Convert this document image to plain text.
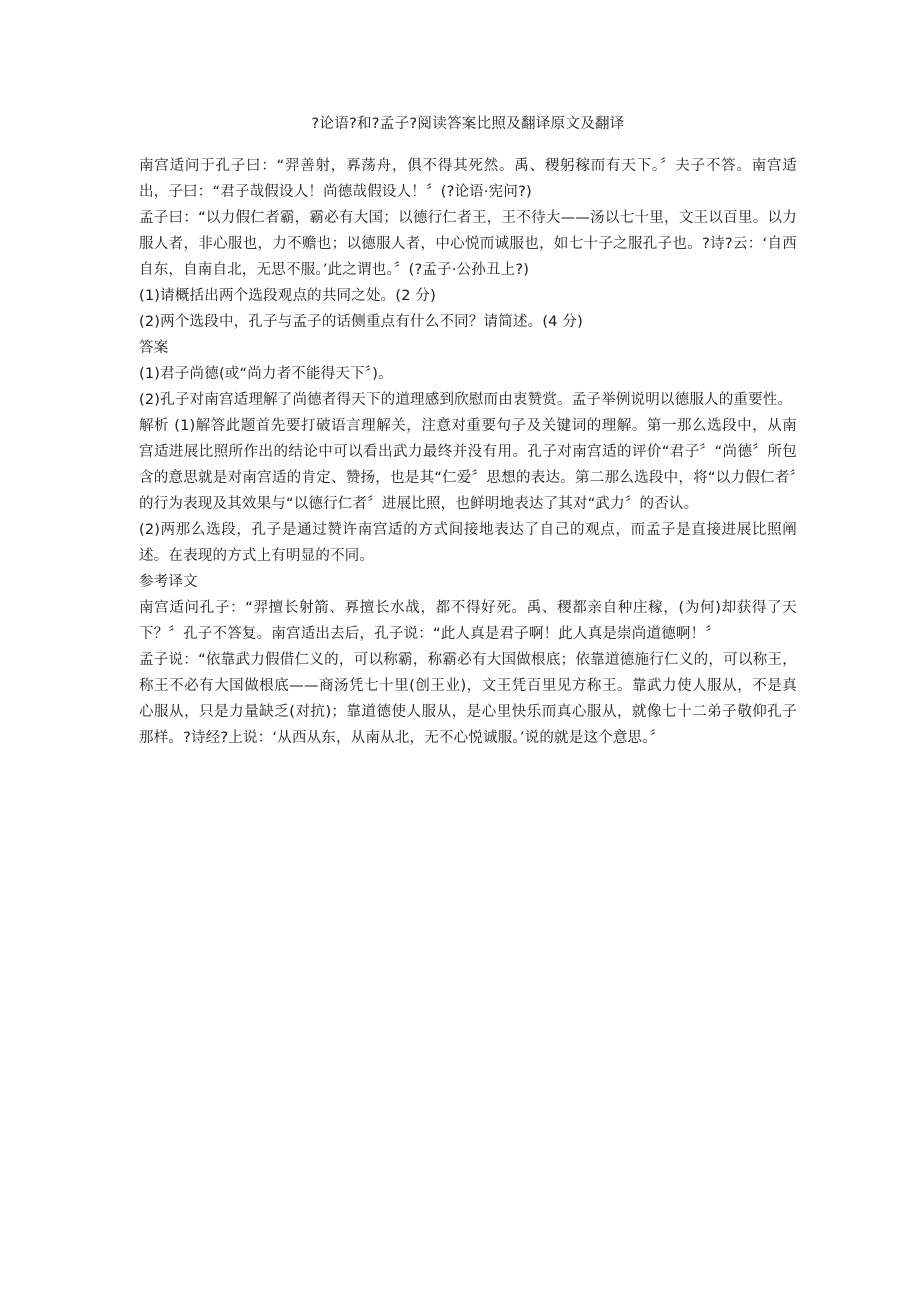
?论语?和?孟子?阅读答案比照及翻译原文及翻译
南宫适问于孔子曰：“羿善射，奡荡舟，俱不得其死然。禹、稷躬稼而有天下。〞夫子不答。南宫适出，子曰：“君子哉假设人！尚德哉假设人！〞(?论语·宪问?)
孟子曰：“以力假仁者霸，霸必有大国；以德行仁者王，王不待大——汤以七十里，文王以百里。以力服人者，非心服也，力不赡也；以德服人者，中心悦而诚服也，如七十子之服孔子也。?诗?云：‘自西自东，自南自北，无思不服。’此之谓也。〞(?孟子·公孙丑上?)
(1)请概括出两个选段观点的共同之处。(2 分)
(2)两个选段中，孔子与孟子的话侧重点有什么不同？请简述。(4 分)
答案
(1)君子尚德(或“尚力者不能得天下〞)。
(2)孔子对南宫适理解了尚德者得天下的道理感到欣慰而由衷赞赏。孟子举例说明以德服人的重要性。
解析 (1)解答此题首先要打破语言理解关，注意对重要句子及关键词的理解。第一那么选段中，从南宫适进展比照所作出的结论中可以看出武力最终并没有用。孔子对南宫适的评价“君子〞“尚德〞所包含的意思就是对南宫适的肯定、赞扬，也是其“仁爱〞思想的表达。第二那么选段中，将“以力假仁者〞的行为表现及其效果与“以德行仁者〞进展比照，也鲜明地表达了其对“武力〞的否认。
(2)两那么选段，孔子是通过赞许南宫适的方式间接地表达了自己的观点，而孟子是直接进展比照阐述。在表现的方式上有明显的不同。
参考译文
南宫适问孔子：“羿擅长射箭、奡擅长水战，都不得好死。禹、稷都亲自种庄稼，(为何)却获得了天下？〞孔子不答复。南宫适出去后，孔子说：“此人真是君子啊！此人真是崇尚道德啊！〞
孟子说：“依靠武力假借仁义的，可以称霸，称霸必有大国做根底；依靠道德施行仁义的，可以称王，称王不必有大国做根底——商汤凭七十里(创王业)，文王凭百里见方称王。靠武力使人服从，不是真心服从，只是力量缺乏(对抗)；靠道德使人服从，是心里快乐而真心服从，就像七十二弟子敬仰孔子那样。?诗经?上说：‘从西从东，从南从北，无不心悦诚服。’说的就是这个意思。〞
